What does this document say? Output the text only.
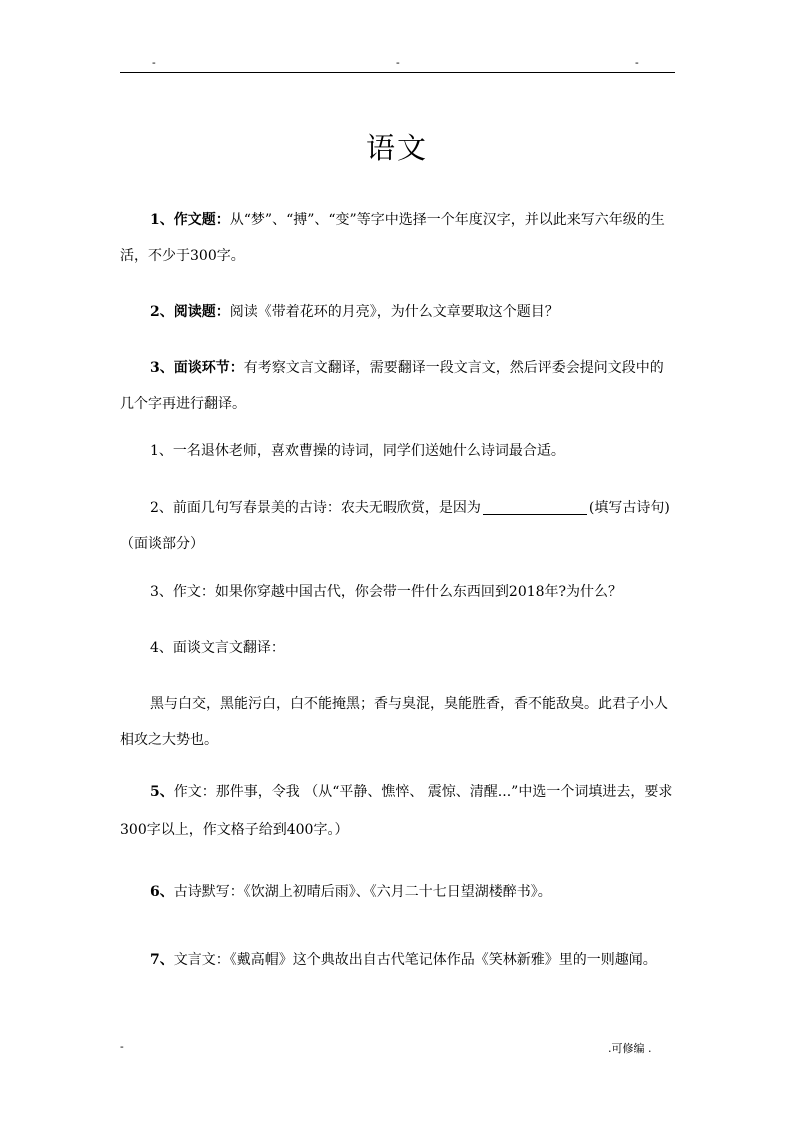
-	-	-
语文
1、作文题：从“梦”、“搏”、“变”等字中选择一个年度汉字，并以此来写六年级的生活，不少于300字。
2、阅读题：阅读《带着花环的月亮》，为什么文章要取这个题目？
3、面谈环节：有考察文言文翻译，需要翻译一段文言文，然后评委会提问文段中的几个字再进行翻译。
1、一名退休老师，喜欢曹操的诗词，同学们送她什么诗词最合适。
2、前面几句写春景美的古诗：农夫无暇欣赏，是因为	(填写古诗句)（面谈部分）
3、作文：如果你穿越中国古代，你会带一件什么东西回到2018年?为什么？
4、面谈文言文翻译：
黑与白交，黑能污白，白不能掩黑；香与臭混，臭能胜香，香不能敌臭。此君子小人相攻之大势也。
5、作文：那件事，令我 （从“平静、憔悴、 震惊、清醒...”中选一个词填进去，要求300字以上，作文格子给到400字。）
6、古诗默写：《饮湖上初晴后雨》、《六月二十七日望湖楼醉书》。
7、文言文：《戴高帽》这个典故出自古代笔记体作品《笑林新雅》里的一则趣闻。
-	.可修编 .
